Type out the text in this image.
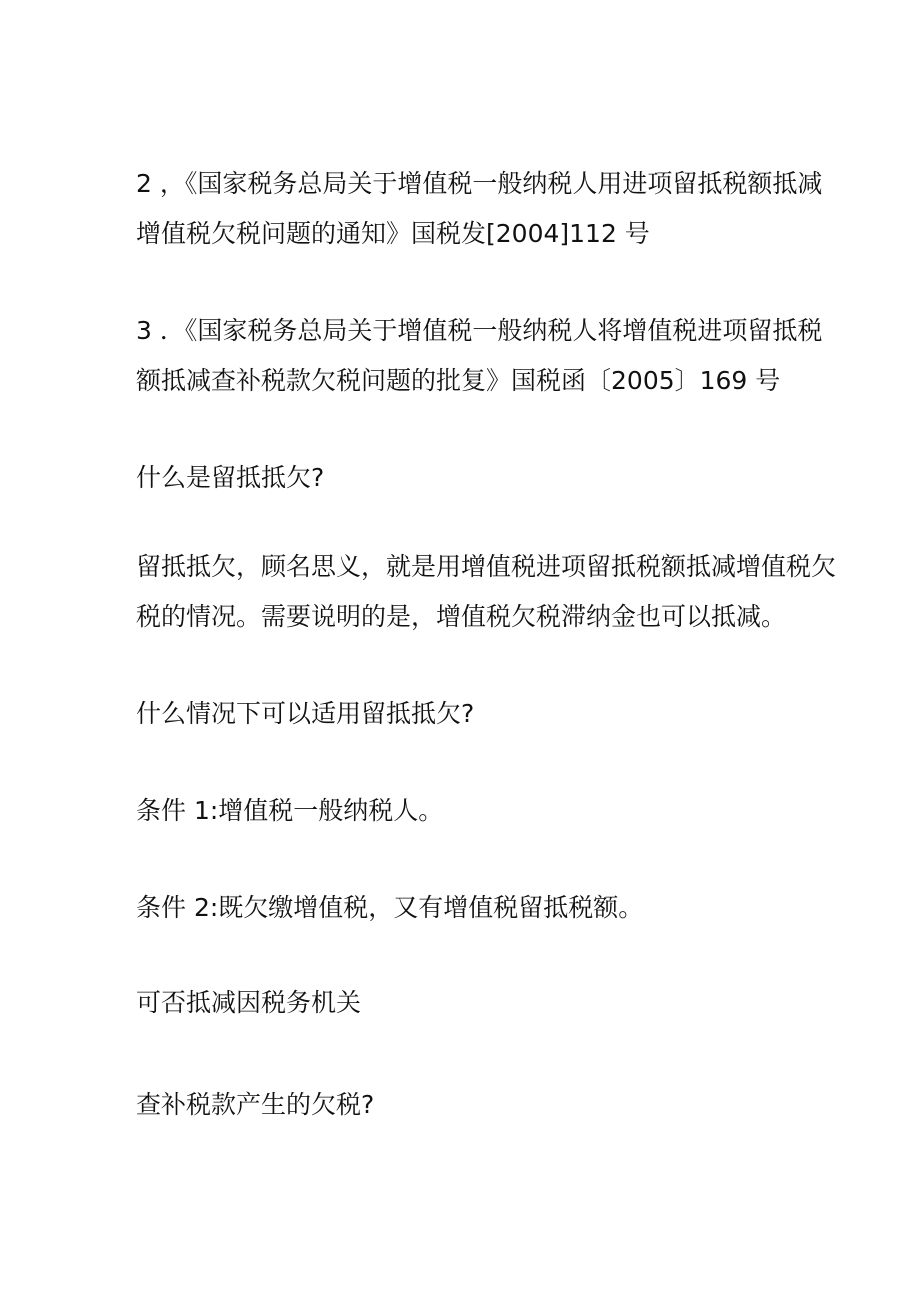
2 ，《国家税务总局关于增值税一般纳税人用进项留抵税额抵减
增值税欠税问题的通知》国税发[2004]112 号

3 ．《国家税务总局关于增值税一般纳税人将增值税进项留抵税
额抵减查补税款欠税问题的批复》国税函〔2005〕169 号

什么是留抵抵欠?

留抵抵欠，顾名思义，就是用增值税进项留抵税额抵减增值税欠
税的情况。需要说明的是，增值税欠税滞纳金也可以抵减。

什么情况下可以适用留抵抵欠?

条件 1:增值税一般纳税人。

条件 2:既欠缴增值税，又有增值税留抵税额。

可否抵减因税务机关

查补税款产生的欠税?
